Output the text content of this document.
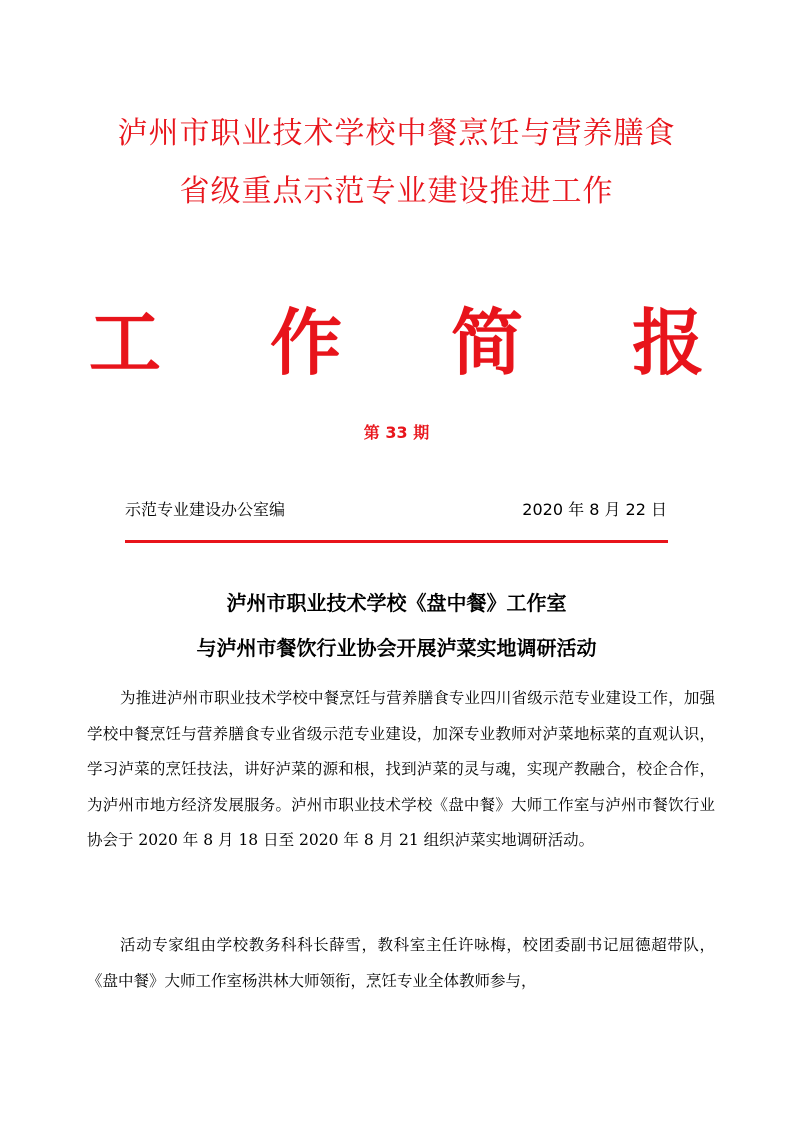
泸州市职业技术学校中餐烹饪与营养膳食
省级重点示范专业建设推进工作
工 作 简 报
第 33 期
示范专业建设办公室编	2020 年 8 月 22 日
泸州市职业技术学校《盘中餐》工作室
与泸州市餐饮行业协会开展泸菜实地调研活动
为推进泸州市职业技术学校中餐烹饪与营养膳食专业四川省级示范专业建设工作，加强学校中餐烹饪与营养膳食专业省级示范专业建设，加深专业教师对泸菜地标菜的直观认识，学习泸菜的烹饪技法，讲好泸菜的源和根，找到泸菜的灵与魂，实现产教融合，校企合作，为泸州市地方经济发展服务。泸州市职业技术学校《盘中餐》大师工作室与泸州市餐饮行业协会于 2020 年 8 月 18 日至 2020 年 8 月 21 组织泸菜实地调研活动。
活动专家组由学校教务科科长薛雪，教科室主任许咏梅，校团委副书记屈德超带队，《盘中餐》大师工作室杨洪林大师领衔，烹饪专业全体教师参与，
